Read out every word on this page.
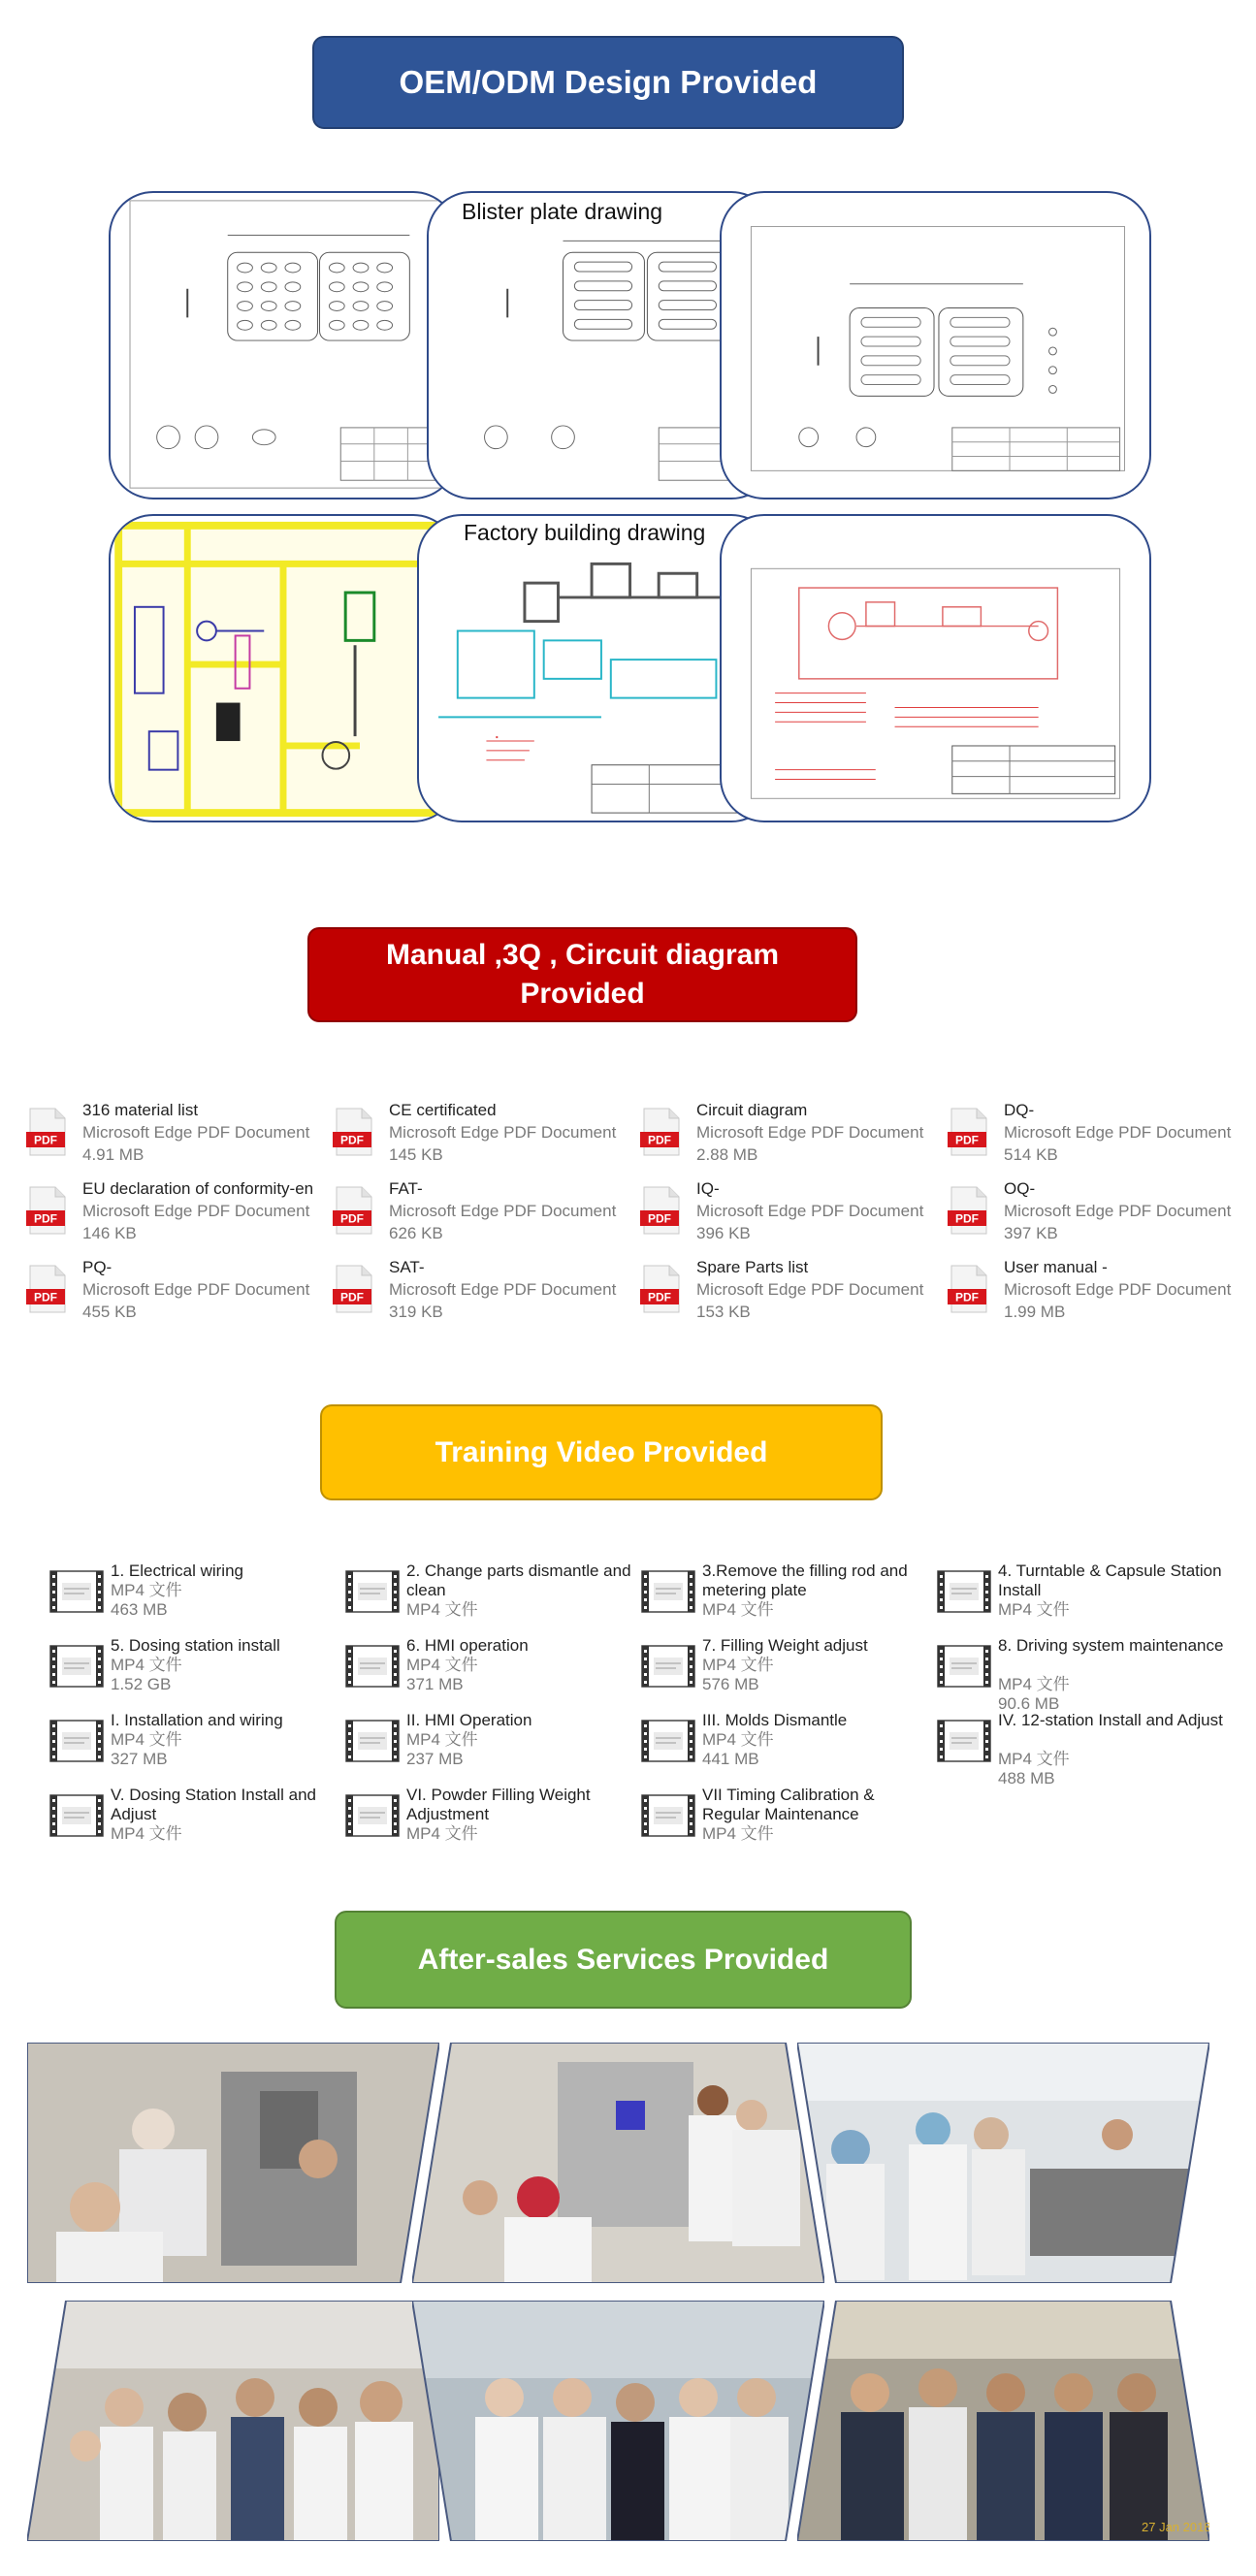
OEM/ODM Design Provided
Blister plate drawing
Factory building drawing
Manual ,3Q , Circuit diagram
Provided
PDF
316 material list
Microsoft Edge PDF Document
4.91 MB
PDF
CE certificated
Microsoft Edge PDF Document
145 KB
PDF
Circuit diagram
Microsoft Edge PDF Document
2.88 MB
PDF
DQ-
Microsoft Edge PDF Document
514 KB
PDF
EU declaration of conformity-en
Microsoft Edge PDF Document
146 KB
PDF
FAT-
Microsoft Edge PDF Document
626 KB
PDF
IQ-
Microsoft Edge PDF Document
396 KB
PDF
OQ-
Microsoft Edge PDF Document
397 KB
PDF
PQ-
Microsoft Edge PDF Document
455 KB
PDF
SAT-
Microsoft Edge PDF Document
319 KB
PDF
Spare Parts list
Microsoft Edge PDF Document
153 KB
PDF
User manual -
Microsoft Edge PDF Document
1.99 MB
Training Video Provided
1. Electrical wiring
MP4 文件
463 MB
2. Change parts dismantle and clean
MP4 文件
3.Remove the filling rod and metering plate
MP4 文件
4. Turntable & Capsule Station Install
MP4 文件
5. Dosing station install
MP4 文件
1.52 GB
6. HMI operation
MP4 文件
371 MB
7. Filling Weight adjust
MP4 文件
576 MB
8. Driving system maintenance
MP4 文件
90.6 MB
I. Installation and wiring
MP4 文件
327 MB
II. HMI Operation
MP4 文件
237 MB
III. Molds Dismantle
MP4 文件
441 MB
IV. 12-station Install and Adjust
MP4 文件
488 MB
V. Dosing Station Install and Adjust
MP4 文件
VI. Powder Filling Weight Adjustment
MP4 文件
VII Timing Calibration & Regular Maintenance
MP4 文件
After-sales Services Provided
27 Jan 2018
